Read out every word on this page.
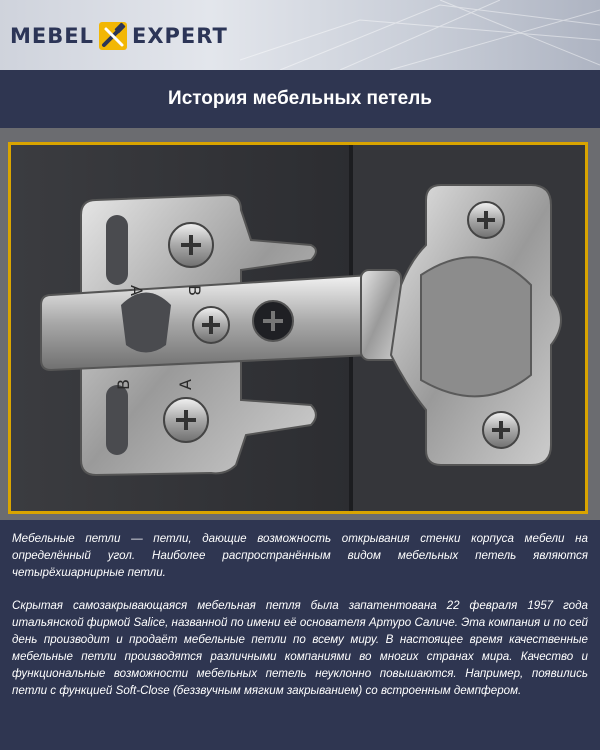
MEBEL EXPERT
История мебельных петель
B	A
A B

Мебельные петли — петли, дающие возможность открывания стенки корпуса мебели на определённый угол. Наиболее распространённым видом мебельных петель являются четырёхшарнирные петли.

Скрытая самозакрывающаяся мебельная петля была запатентована 22 февраля 1957 года итальянской фирмой Salice, названной по имени её основателя Артуро Саличе. Эта компания и по сей день производит и продаёт мебельные петли по всему миру. В настоящее время качественные мебельные петли производятся различными компаниями во многих странах мира. Качество и функциональные возможности мебельных петель неуклонно повышаются. Например, появились петли с функцией Soft-Close (беззвучным мягким закрыванием) со встроенным демпфером.
